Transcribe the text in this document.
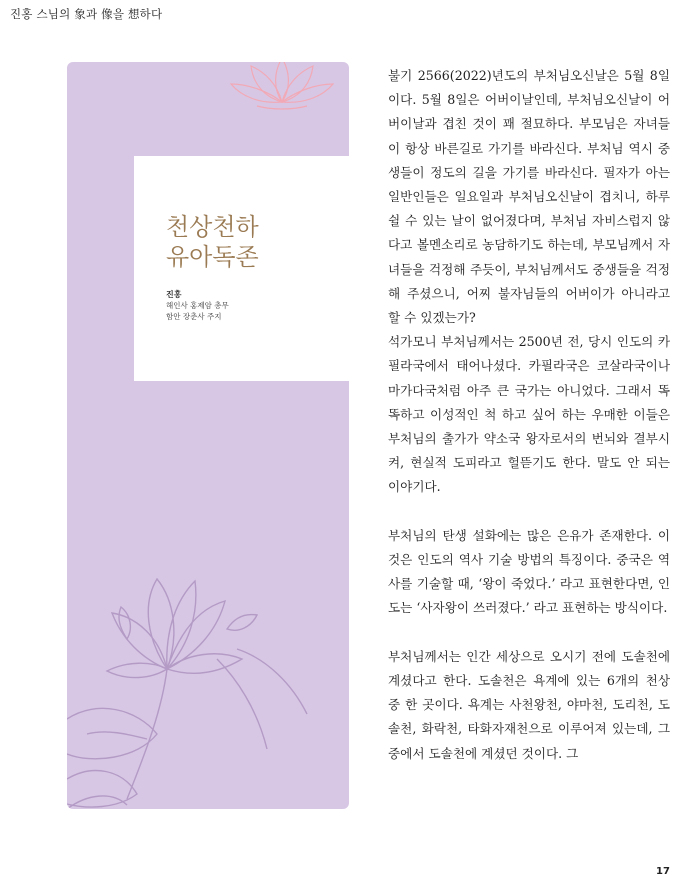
진홍 스님의 象과 像을 想하다
천상천하
유아독존
진홍
해인사 홍제암 총무
함안 장춘사 주지

불기 2566(2022)년도의 부처님오신날은 5월 8일이다. 5월 8일은 어버이날인데, 부처님오신날이 어버이날과 겹친 것이 꽤 절묘하다. 부모님은 자녀들이 항상 바른길로 가기를 바라신다. 부처님 역시 중생들이 정도의 길을 가기를 바라신다. 필자가 아는 일반인들은 일요일과 부처님오신날이 겹치니, 하루 쉴 수 있는 날이 없어졌다며, 부처님 자비스럽지 않다고 볼멘소리로 농담하기도 하는데, 부모님께서 자녀들을 걱정해 주듯이, 부처님께서도 중생들을 걱정해 주셨으니, 어찌 불자님들의 어버이가 아니라고 할 수 있겠는가?

석가모니 부처님께서는 2500년 전, 당시 인도의 카필라국에서 태어나셨다. 카필라국은 코살라국이나 마가다국처럼 아주 큰 국가는 아니었다. 그래서 똑똑하고 이성적인 척 하고 싶어 하는 우매한 이들은 부처님의 출가가 약소국 왕자로서의 번뇌와 결부시켜, 현실적 도피라고 헐뜯기도 한다. 말도 안 되는 이야기다.

부처님의 탄생 설화에는 많은 은유가 존재한다. 이것은 인도의 역사 기술 방법의 특징이다. 중국은 역사를 기술할 때, ‘왕이 죽었다.’ 라고 표현한다면, 인도는 ‘사자왕이 쓰러졌다.’ 라고 표현하는 방식이다.

부처님께서는 인간 세상으로 오시기 전에 도솔천에 계셨다고 한다. 도솔천은 욕계에 있는 6개의 천상 중 한 곳이다. 욕계는 사천왕천, 야마천, 도리천, 도솔천, 화락천, 타화자재천으로 이루어져 있는데, 그중에서 도솔천에 계셨던 것이다. 그

17
